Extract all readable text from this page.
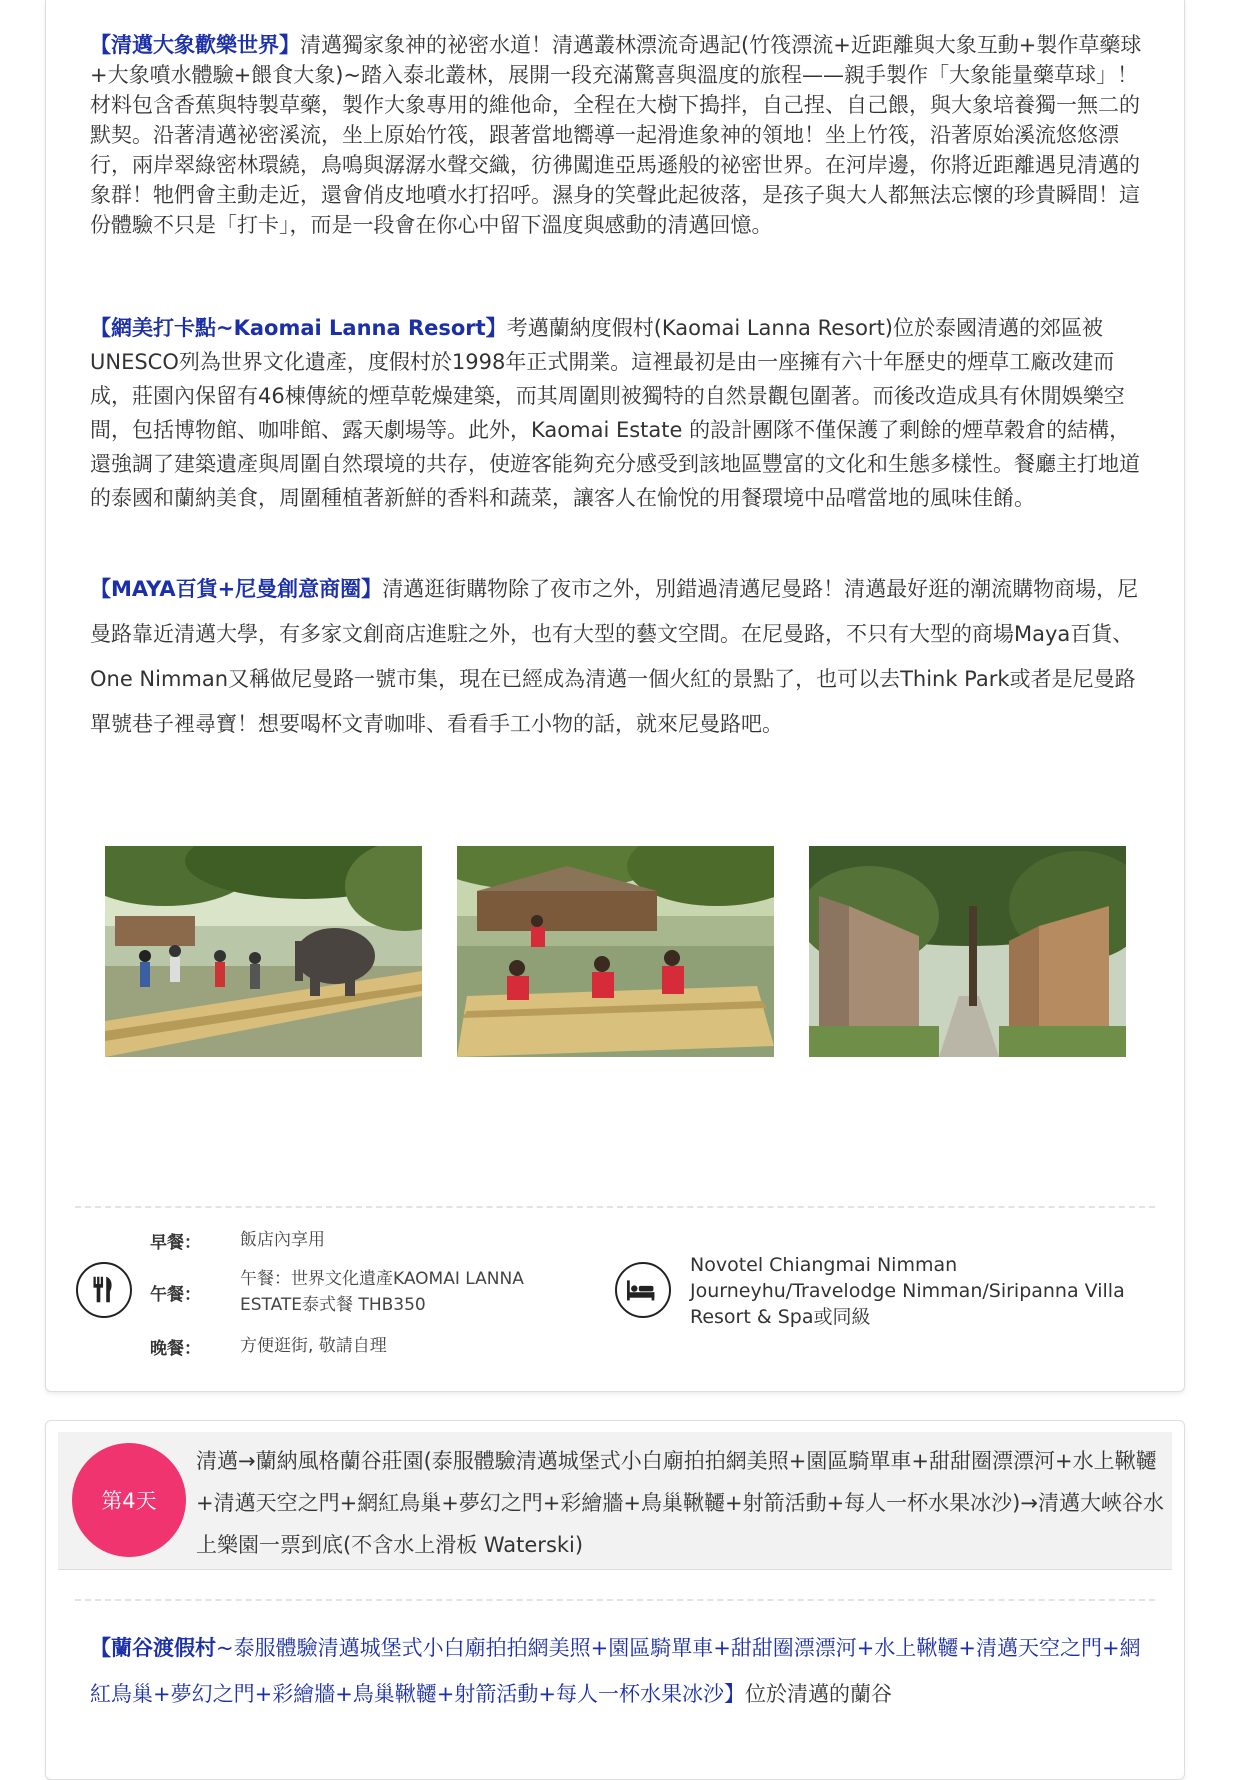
【清邁大象歡樂世界】清邁獨家象神的祕密水道！清邁叢林漂流奇遇記(竹筏漂流+近距離與大象互動+製作草藥球+大象噴水體驗+餵食大象)~踏入泰北叢林，展開一段充滿驚喜與溫度的旅程——親手製作「大象能量藥草球」！材料包含香蕉與特製草藥，製作大象專用的維他命，全程在大樹下搗拌，自己捏、自己餵，與大象培養獨一無二的默契。沿著清邁祕密溪流，坐上原始竹筏，跟著當地嚮導一起滑進象神的領地！坐上竹筏，沿著原始溪流悠悠漂行，兩岸翠綠密林環繞，鳥鳴與潺潺水聲交織，彷彿闖進亞馬遜般的祕密世界。在河岸邊，你將近距離遇見清邁的象群！牠們會主動走近，還會俏皮地噴水打招呼。濕身的笑聲此起彼落，是孩子與大人都無法忘懷的珍貴瞬間！這份體驗不只是「打卡」，而是一段會在你心中留下溫度與感動的清邁回憶。

【網美打卡點~Kaomai Lanna Resort】考邁蘭納度假村(Kaomai Lanna Resort)位於泰國清邁的郊區被UNESCO列為世界文化遺產，度假村於1998年正式開業。這裡最初是由一座擁有六十年歷史的煙草工廠改建而成，莊園內保留有46棟傳統的煙草乾燥建築，而其周圍則被獨特的自然景觀包圍著。而後改造成具有休閒娛樂空間，包括博物館、咖啡館、露天劇場等。此外，Kaomai Estate 的設計團隊不僅保護了剩餘的煙草穀倉的結構，還強調了建築遺產與周圍自然環境的共存，使遊客能夠充分感受到該地區豐富的文化和生態多樣性。餐廳主打地道的泰國和蘭納美食，周圍種植著新鮮的香料和蔬菜，讓客人在愉悅的用餐環境中品嚐當地的風味佳餚。

【MAYA百貨+尼曼創意商圈】清邁逛街購物除了夜市之外，別錯過清邁尼曼路！清邁最好逛的潮流購物商場，尼曼路靠近清邁大學，有多家文創商店進駐之外，也有大型的藝文空間。在尼曼路，不只有大型的商場Maya百貨、One Nimman又稱做尼曼路一號市集，現在已經成為清邁一個火紅的景點了，也可以去Think Park或者是尼曼路單號巷子裡尋寶！想要喝杯文青咖啡、看看手工小物的話，就來尼曼路吧。

早餐： 飯店內享用
午餐：
午餐：世界文化遺產KAOMAI LANNA ESTATE泰式餐 THB350
晚餐： 方便逛街, 敬請自理
Novotel Chiangmai Nimman Journeyhu/Travelodge Nimman/Siripanna Villa Resort & Spa或同級
第4天
清邁→蘭納風格蘭谷莊園(泰服體驗清邁城堡式小白廟拍拍網美照+園區騎單車+甜甜圈漂漂河+水上鞦韆+清邁天空之門+網紅鳥巢+夢幻之門+彩繪牆+鳥巢鞦韆+射箭活動+每人一杯水果冰沙)→清邁大峽谷水上樂園一票到底(不含水上滑板 Waterski)

【蘭谷渡假村~泰服體驗清邁城堡式小白廟拍拍網美照+園區騎單車+甜甜圈漂漂河+水上鞦韆+清邁天空之門+網紅鳥巢+夢幻之門+彩繪牆+鳥巢鞦韆+射箭活動+每人一杯水果冰沙】位於清邁的蘭谷
